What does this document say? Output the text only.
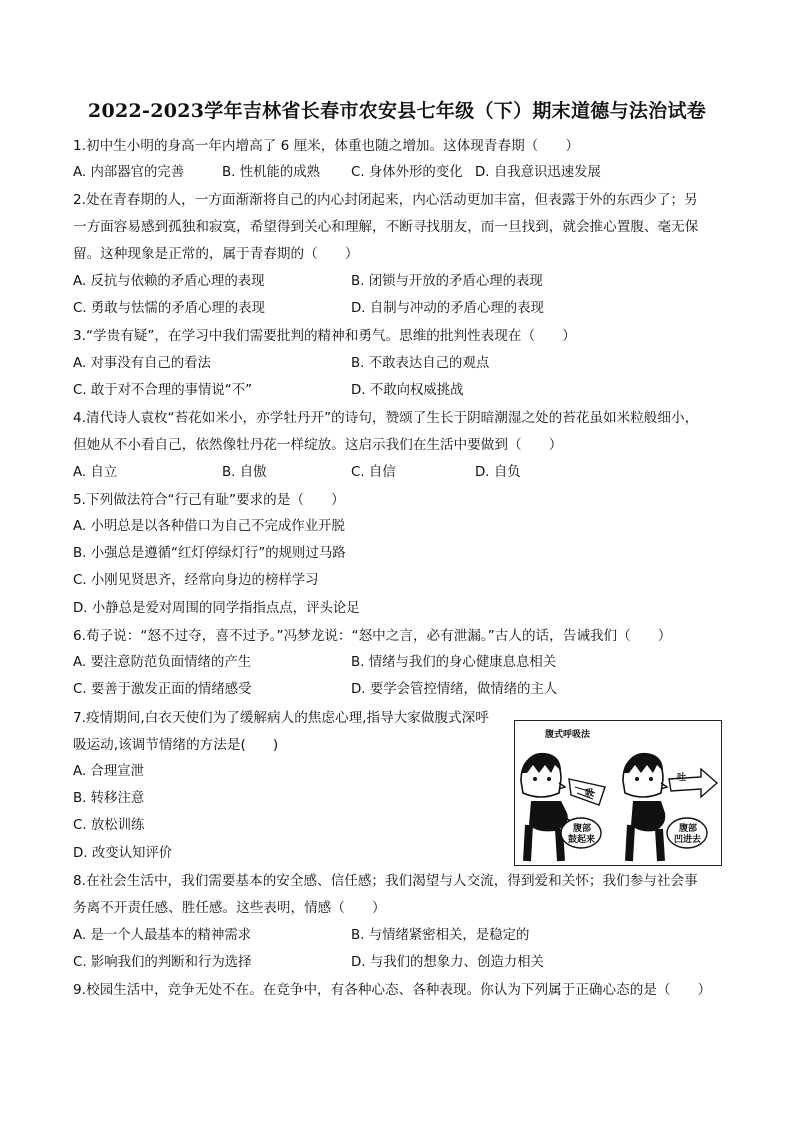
2022-2023学年吉林省长春市农安县七年级（下）期末道德与法治试卷
1.初中生小明的身高一年内增高了 6 厘米，体重也随之增加。这体现青春期（　　）
A. 内部器官的完善	B. 性机能的成熟 C. 身体外形的变化 D. 自我意识迅速发展
2.处在青春期的人，一方面渐渐将自己的内心封闭起来，内心活动更加丰富，但表露于外的东西少了；另
一方面容易感到孤独和寂寞，希望得到关心和理解，不断寻找朋友，而一旦找到，就会推心置腹、毫无保
留。这种现象是正常的，属于青春期的（　　）
A. 反抗与依赖的矛盾心理的表现	B. 闭锁与开放的矛盾心理的表现
C. 勇敢与怯懦的矛盾心理的表现	D. 自制与冲动的矛盾心理的表现
3.“学贵有疑”，在学习中我们需要批判的精神和勇气。思维的批判性表现在（　　）
A. 对事没有自己的看法	B. 不敢表达自己的观点
C. 敢于对不合理的事情说“不”	D. 不敢向权威挑战
4.清代诗人袁枚“苔花如米小，亦学牡丹开”的诗句，赞颂了生长于阴暗潮湿之处的苔花虽如米粒般细小，
但她从不小看自己，依然像牡丹花一样绽放。这启示我们在生活中要做到（　　）
A. 自立	B. 自傲	C. 自信	D. 自负
5.下列做法符合“行己有耻”要求的是（　　）
A. 小明总是以各种借口为自己不完成作业开脱
B. 小强总是遵循“红灯停绿灯行”的规则过马路
C. 小刚见贤思齐，经常向身边的榜样学习
D. 小静总是爱对周围的同学指指点点，评头论足
6.荀子说：“怒不过夺，喜不过予。”冯梦龙说：“怒中之言，必有泄漏。”古人的话，告诫我们（　　）
A. 要注意防范负面情绪的产生	B. 情绪与我们的身心健康息息相关
C. 要善于激发正面的情绪感受	D. 要学会管控情绪，做情绪的主人
7.疫情期间,白衣天使们为了缓解病人的焦虑心理,指导大家做腹式深呼
吸运动,该调节情绪的方法是(　　)
A. 合理宣泄
B. 转移注意
C. 放松训练
D. 改变认知评价
腹式呼吸法
吸
吐
腹部
鼓起来
腹部
凹进去
8.在社会生活中，我们需要基本的安全感、信任感；我们渴望与人交流，得到爱和关怀；我们参与社会事
务离不开责任感、胜任感。这些表明，情感（　　）
A. 是一个人最基本的精神需求	B. 与情绪紧密相关，是稳定的
C. 影响我们的判断和行为选择	D. 与我们的想象力、创造力相关
9.校园生活中，竞争无处不在。在竞争中，有各种心态、各种表现。你认为下列属于正确心态的是（　　）
